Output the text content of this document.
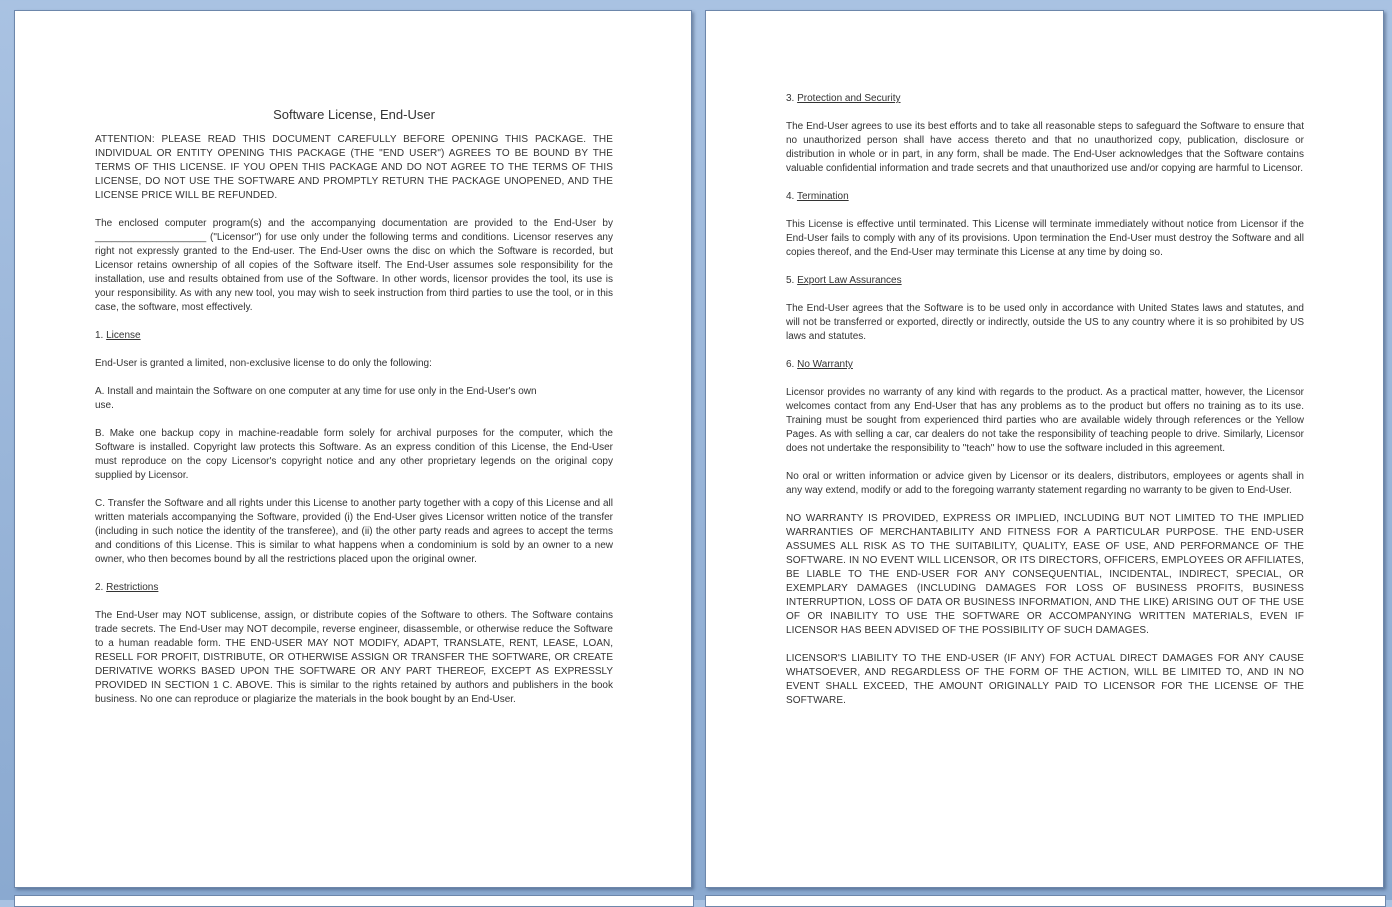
Software License, End-User

ATTENTION: PLEASE READ THIS DOCUMENT CAREFULLY BEFORE OPENING THIS PACKAGE. THE INDIVIDUAL OR ENTITY OPENING THIS PACKAGE (THE "END USER") AGREES TO BE BOUND BY THE TERMS OF THIS LICENSE. IF YOU OPEN THIS PACKAGE AND DO NOT AGREE TO THE TERMS OF THIS LICENSE, DO NOT USE THE SOFTWARE AND PROMPTLY RETURN THE PACKAGE UNOPENED, AND THE LICENSE PRICE WILL BE REFUNDED.

The enclosed computer program(s) and the accompanying documentation are provided to the End-User by ____________________ ("Licensor") for use only under the following terms and conditions. Licensor reserves any right not expressly granted to the End-user. The End-User owns the disc on which the Software is recorded, but Licensor retains ownership of all copies of the Software itself. The End-User assumes sole responsibility for the installation, use and results obtained from use of the Software. In other words, licensor provides the tool, its use is your responsibility. As with any new tool, you may wish to seek instruction from third parties to use the tool, or in this case, the software, most effectively.

1. License

End-User is granted a limited, non-exclusive license to do only the following:

A. Install and maintain the Software on one computer at any time for use only in the End-User's own use.

B. Make one backup copy in machine-readable form solely for archival purposes for the computer, which the Software is installed. Copyright law protects this Software. As an express condition of this License, the End-User must reproduce on the copy Licensor's copyright notice and any other proprietary legends on the original copy supplied by Licensor.

C. Transfer the Software and all rights under this License to another party together with a copy of this License and all written materials accompanying the Software, provided (i) the End-User gives Licensor written notice of the transfer (including in such notice the identity of the transferee), and (ii) the other party reads and agrees to accept the terms and conditions of this License. This is similar to what happens when a condominium is sold by an owner to a new owner, who then becomes bound by all the restrictions placed upon the original owner.

2. Restrictions

The End-User may NOT sublicense, assign, or distribute copies of the Software to others. The Software contains trade secrets. The End-User may NOT decompile, reverse engineer, disassemble, or otherwise reduce the Software to a human readable form. THE END-USER MAY NOT MODIFY, ADAPT, TRANSLATE, RENT, LEASE, LOAN, RESELL FOR PROFIT, DISTRIBUTE, OR OTHERWISE ASSIGN OR TRANSFER THE SOFTWARE, OR CREATE DERIVATIVE WORKS BASED UPON THE SOFTWARE OR ANY PART THEREOF, EXCEPT AS EXPRESSLY PROVIDED IN SECTION 1 C. ABOVE. This is similar to the rights retained by authors and publishers in the book business. No one can reproduce or plagiarize the materials in the book bought by an End-User.

3. Protection and Security

The End-User agrees to use its best efforts and to take all reasonable steps to safeguard the Software to ensure that no unauthorized person shall have access thereto and that no unauthorized copy, publication, disclosure or distribution in whole or in part, in any form, shall be made. The End-User acknowledges that the Software contains valuable confidential information and trade secrets and that unauthorized use and/or copying are harmful to Licensor.

4. Termination

This License is effective until terminated. This License will terminate immediately without notice from Licensor if the End-User fails to comply with any of its provisions. Upon termination the End-User must destroy the Software and all copies thereof, and the End-User may terminate this License at any time by doing so.

5. Export Law Assurances

The End-User agrees that the Software is to be used only in accordance with United States laws and statutes, and will not be transferred or exported, directly or indirectly, outside the US to any country where it is so prohibited by US laws and statutes.

6. No Warranty

Licensor provides no warranty of any kind with regards to the product. As a practical matter, however, the Licensor welcomes contact from any End-User that has any problems as to the product but offers no training as to its use. Training must be sought from experienced third parties who are available widely through references or the Yellow Pages. As with selling a car, car dealers do not take the responsibility of teaching people to drive. Similarly, Licensor does not undertake the responsibility to "teach" how to use the software included in this agreement.

No oral or written information or advice given by Licensor or its dealers, distributors, employees or agents shall in any way extend, modify or add to the foregoing warranty statement regarding no warranty to be given to End-User.

NO WARRANTY IS PROVIDED, EXPRESS OR IMPLIED, INCLUDING BUT NOT LIMITED TO THE IMPLIED WARRANTIES OF MERCHANTABILITY AND FITNESS FOR A PARTICULAR PURPOSE. THE END-USER ASSUMES ALL RISK AS TO THE SUITABILITY, QUALITY, EASE OF USE, AND PERFORMANCE OF THE SOFTWARE. IN NO EVENT WILL LICENSOR, OR ITS DIRECTORS, OFFICERS, EMPLOYEES OR AFFILIATES, BE LIABLE TO THE END-USER FOR ANY CONSEQUENTIAL, INCIDENTAL, INDIRECT, SPECIAL, OR EXEMPLARY DAMAGES (INCLUDING DAMAGES FOR LOSS OF BUSINESS PROFITS, BUSINESS INTERRUPTION, LOSS OF DATA OR BUSINESS INFORMATION, AND THE LIKE) ARISING OUT OF THE USE OF OR INABILITY TO USE THE SOFTWARE OR ACCOMPANYING WRITTEN MATERIALS, EVEN IF LICENSOR HAS BEEN ADVISED OF THE POSSIBILITY OF SUCH DAMAGES.

LICENSOR'S LIABILITY TO THE END-USER (IF ANY) FOR ACTUAL DIRECT DAMAGES FOR ANY CAUSE WHATSOEVER, AND REGARDLESS OF THE FORM OF THE ACTION, WILL BE LIMITED TO, AND IN NO EVENT SHALL EXCEED, THE AMOUNT ORIGINALLY PAID TO LICENSOR FOR THE LICENSE OF THE SOFTWARE.
